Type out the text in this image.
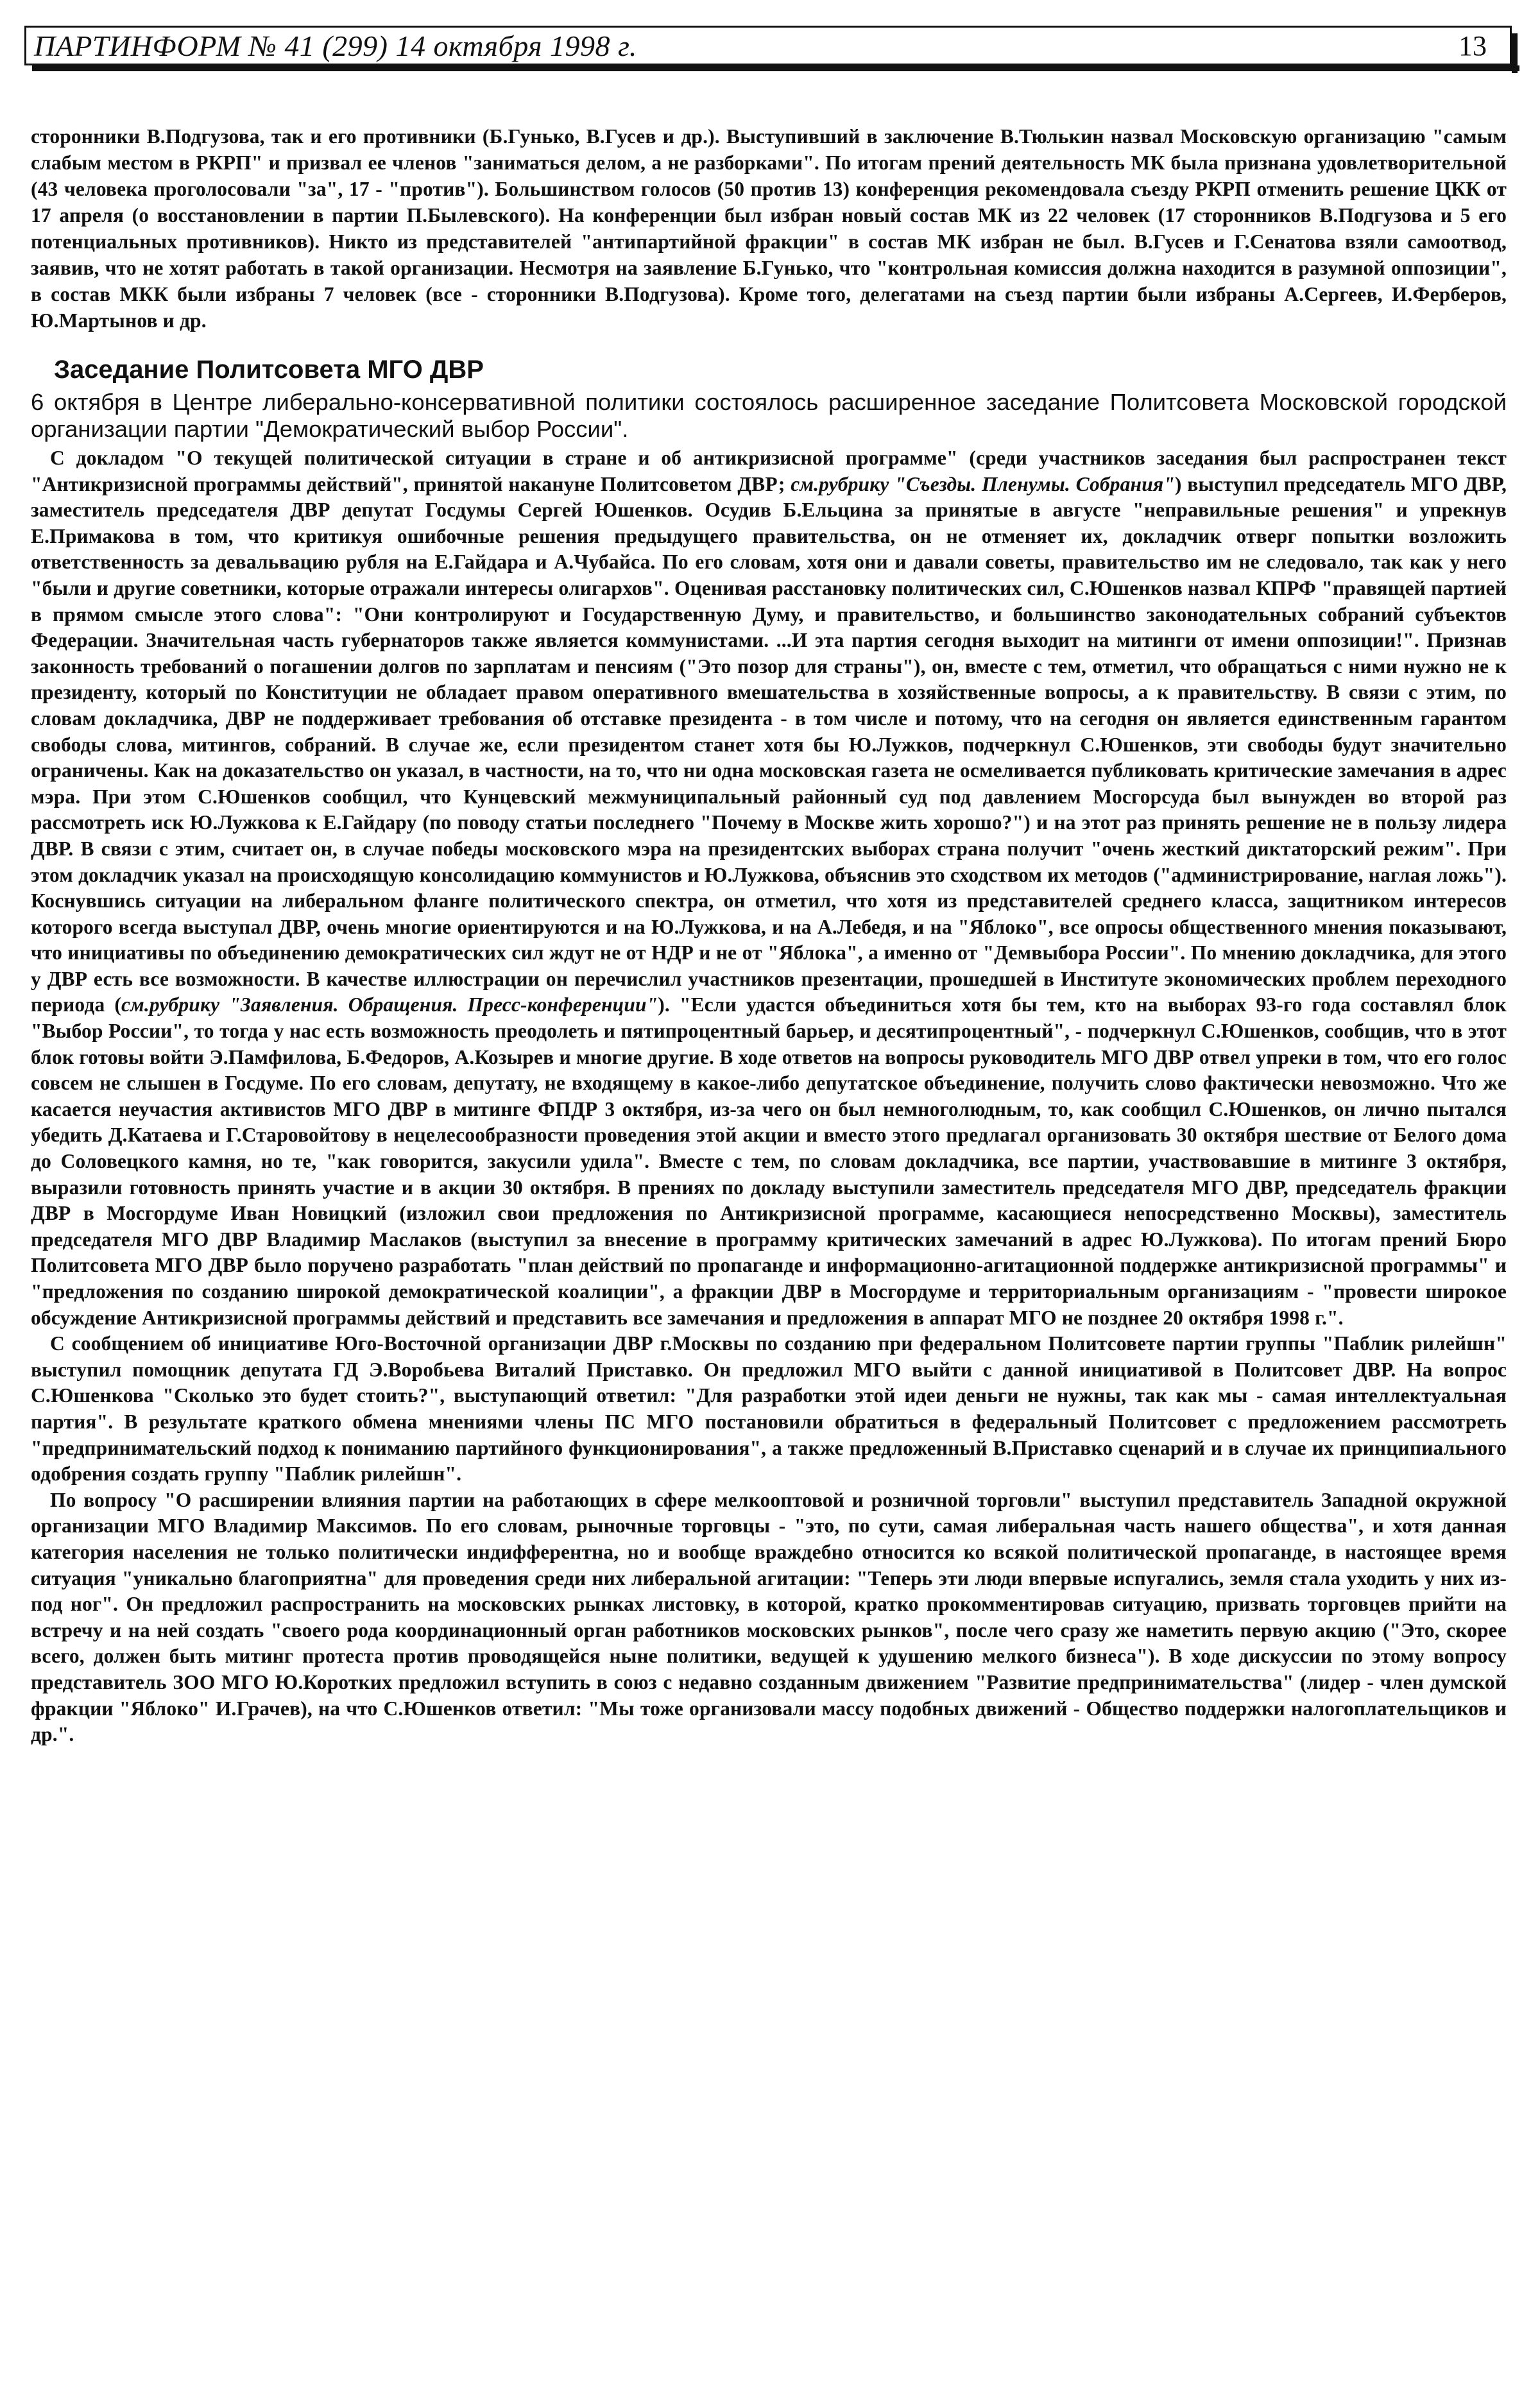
ПАРТИНФОРМ № 41 (299) 14 октября 1998 г.	13

сторонники В.Подгузова, так и его противники (Б.Гунько, В.Гусев и др.). Выступивший в заключение В.Тюлькин назвал Московскую организацию "самым слабым местом в РКРП" и призвал ее членов "заниматься делом, а не разборками". По итогам прений деятельность МК была признана удовлетворительной (43 человека проголосовали "за", 17 - "против"). Большинством голосов (50 против 13) конференция рекомендовала съезду РКРП отменить решение ЦКК от 17 апреля (о восстановлении в партии П.Былевского). На конференции был избран новый состав МК из 22 человек (17 сторонников В.Подгузова и 5 его потенциальных противников). Никто из представителей "антипартийной фракции" в состав МК избран не был. В.Гусев и Г.Сенатова взяли самоотвод, заявив, что не хотят работать в такой организации. Несмотря на заявление Б.Гунько, что "контрольная комиссия должна находится в разумной оппозиции", в состав МКК были избраны 7 человек (все - сторонники В.Подгузова). Кроме того, делегатами на съезд партии были избраны А.Сергеев, И.Ферберов, Ю.Мартынов и др.

Заседание Политсовета МГО ДВР

6 октября в Центре либерально-консервативной политики состоялось расширенное заседание Политсовета Московской городской организации партии "Демократический выбор России".

С докладом "О текущей политической ситуации в стране и об антикризисной программе" (среди участников заседания был распространен текст "Антикризисной программы действий", принятой накануне Политсоветом ДВР; см.рубрику "Съезды. Пленумы. Собрания") выступил председатель МГО ДВР, заместитель председателя ДВР депутат Госдумы Сергей Юшенков. Осудив Б.Ельцина за принятые в августе "неправильные решения" и упрекнув Е.Примакова в том, что критикуя ошибочные решения предыдущего правительства, он не отменяет их, докладчик отверг попытки возложить ответственность за девальвацию рубля на Е.Гайдара и А.Чубайса. По его словам, хотя они и давали советы, правительство им не следовало, так как у него "были и другие советники, которые отражали интересы олигархов". Оценивая расстановку политических сил, С.Юшенков назвал КПРФ "правящей партией в прямом смысле этого слова": "Они контролируют и Государственную Думу, и правительство, и большинство законодательных собраний субъектов Федерации. Значительная часть губернаторов также является коммунистами. ...И эта партия сегодня выходит на митинги от имени оппозиции!". Признав законность требований о погашении долгов по зарплатам и пенсиям ("Это позор для страны"), он, вместе с тем, отметил, что обращаться с ними нужно не к президенту, который по Конституции не обладает правом оперативного вмешательства в хозяйственные вопросы, а к правительству. В связи с этим, по словам докладчика, ДВР не поддерживает требования об отставке президента - в том числе и потому, что на сегодня он является единственным гарантом свободы слова, митингов, собраний. В случае же, если президентом станет хотя бы Ю.Лужков, подчеркнул С.Юшенков, эти свободы будут значительно ограничены. Как на доказательство он указал, в частности, на то, что ни одна московская газета не осмеливается публиковать критические замечания в адрес мэра. При этом С.Юшенков сообщил, что Кунцевский межмуниципальный районный суд под давлением Мосгорсуда был вынужден во второй раз рассмотреть иск Ю.Лужкова к Е.Гайдару (по поводу статьи последнего "Почему в Москве жить хорошо?") и на этот раз принять решение не в пользу лидера ДВР. В связи с этим, считает он, в случае победы московского мэра на президентских выборах страна получит "очень жесткий диктаторский режим". При этом докладчик указал на происходящую консолидацию коммунистов и Ю.Лужкова, объяснив это сходством их методов ("администрирование, наглая ложь"). Коснувшись ситуации на либеральном фланге политического спектра, он отметил, что хотя из представителей среднего класса, защитником интересов которого всегда выступал ДВР, очень многие ориентируются и на Ю.Лужкова, и на А.Лебедя, и на "Яблоко", все опросы общественного мнения показывают, что инициативы по объединению демократических сил ждут не от НДР и не от "Яблока", а именно от "Демвыбора России". По мнению докладчика, для этого у ДВР есть все возможности. В качестве иллюстрации он перечислил участников презентации, прошедшей в Институте экономических проблем переходного периода (см.рубрику "Заявления. Обращения. Пресс-конференции"). "Если удастся объединиться хотя бы тем, кто на выборах 93-го года составлял блок "Выбор России", то тогда у нас есть возможность преодолеть и пятипроцентный барьер, и десятипроцентный", - подчеркнул С.Юшенков, сообщив, что в этот блок готовы войти Э.Памфилова, Б.Федоров, А.Козырев и многие другие. В ходе ответов на вопросы руководитель МГО ДВР отвел упреки в том, что его голос совсем не слышен в Госдуме. По его словам, депутату, не входящему в какое-либо депутатское объединение, получить слово фактически невозможно. Что же касается неучастия активистов МГО ДВР в митинге ФПДР 3 октября, из-за чего он был немноголюдным, то, как сообщил С.Юшенков, он лично пытался убедить Д.Катаева и Г.Старовойтову в нецелесообразности проведения этой акции и вместо этого предлагал организовать 30 октября шествие от Белого дома до Соловецкого камня, но те, "как говорится, закусили удила". Вместе с тем, по словам докладчика, все партии, участвовавшие в митинге 3 октября, выразили готовность принять участие и в акции 30 октября. В прениях по докладу выступили заместитель председателя МГО ДВР, председатель фракции ДВР в Мосгордуме Иван Новицкий (изложил свои предложения по Антикризисной программе, касающиеся непосредственно Москвы), заместитель председателя МГО ДВР Владимир Маслаков (выступил за внесение в программу критических замечаний в адрес Ю.Лужкова). По итогам прений Бюро Политсовета МГО ДВР было поручено разработать "план действий по пропаганде и информационно-агитационной поддержке антикризисной программы" и "предложения по созданию широкой демократической коалиции", а фракции ДВР в Мосгордуме и территориальным организациям - "провести широкое обсуждение Антикризисной программы действий и представить все замечания и предложения в аппарат МГО не позднее 20 октября 1998 г.".

С сообщением об инициативе Юго-Восточной организации ДВР г.Москвы по созданию при федеральном Политсовете партии группы "Паблик рилейшн" выступил помощник депутата ГД Э.Воробьева Виталий Приставко. Он предложил МГО выйти с данной инициативой в Политсовет ДВР. На вопрос С.Юшенкова "Сколько это будет стоить?", выступающий ответил: "Для разработки этой идеи деньги не нужны, так как мы - самая интеллектуальная партия". В результате краткого обмена мнениями члены ПС МГО постановили обратиться в федеральный Политсовет с предложением рассмотреть "предпринимательский подход к пониманию партийного функционирования", а также предложенный В.Приставко сценарий и в случае их принципиального одобрения создать группу "Паблик рилейшн".

По вопросу "О расширении влияния партии на работающих в сфере мелкооптовой и розничной торговли" выступил представитель Западной окружной организации МГО Владимир Максимов. По его словам, рыночные торговцы - "это, по сути, самая либеральная часть нашего общества", и хотя данная категория населения не только политически индифферентна, но и вообще враждебно относится ко всякой политической пропаганде, в настоящее время ситуация "уникально благоприятна" для проведения среди них либеральной агитации: "Теперь эти люди впервые испугались, земля стала уходить у них из-под ног". Он предложил распространить на московских рынках листовку, в которой, кратко прокомментировав ситуацию, призвать торговцев прийти на встречу и на ней создать "своего рода координационный орган работников московских рынков", после чего сразу же наметить первую акцию ("Это, скорее всего, должен быть митинг протеста против проводящейся ныне политики, ведущей к удушению мелкого бизнеса"). В ходе дискуссии по этому вопросу представитель ЗОО МГО Ю.Коротких предложил вступить в союз с недавно созданным движением "Развитие предпринимательства" (лидер - член думской фракции "Яблоко" И.Грачев), на что С.Юшенков ответил: "Мы тоже организовали массу подобных движений - Общество поддержки налогоплательщиков и др.".
